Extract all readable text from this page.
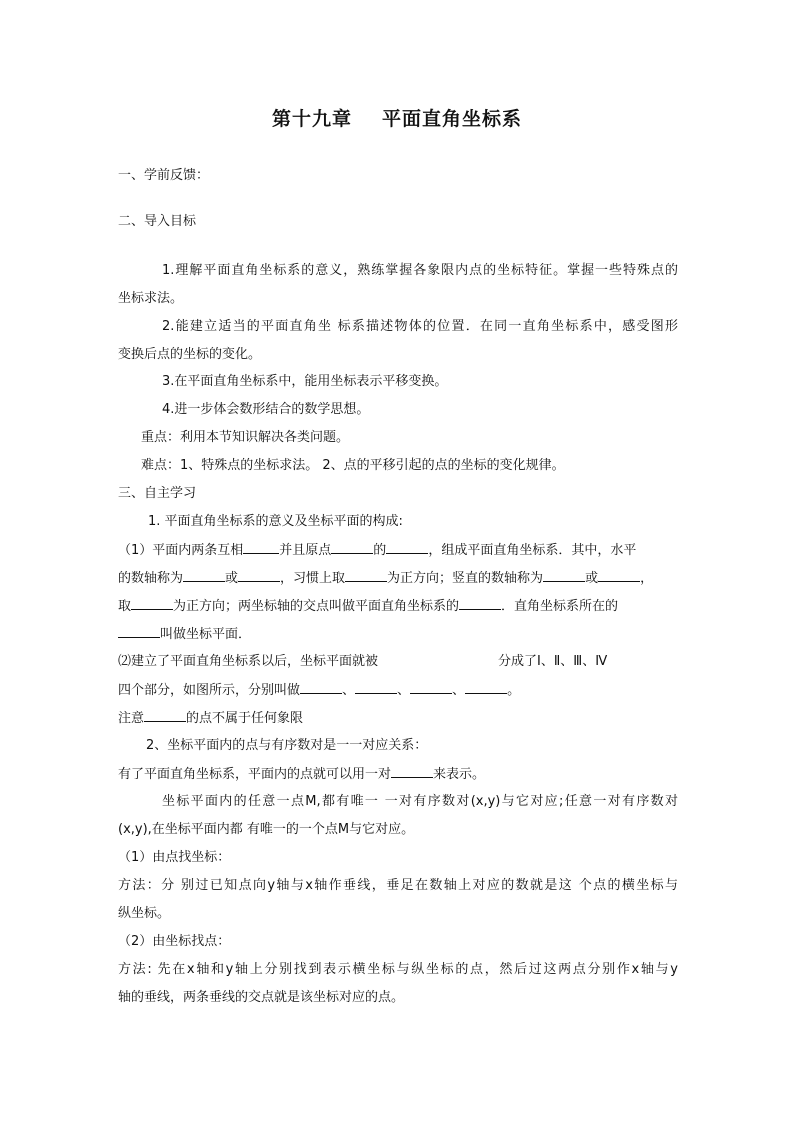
第十九章 平面直角坐标系
一、学前反馈：
二、导入目标
1.理解平面直角坐标系的意义，熟练掌握各象限内点的坐标特征。掌握一些特殊点的
坐标求法。
2.能建立适当的平面直角坐 标系描述物体的位置．在同一直角坐标系中，感受图形
变换后点的坐标的变化。
3.在平面直角坐标系中，能用坐标表示平移变换。
4.进一步体会数形结合的数学思想。
重点：利用本节知识解决各类问题。
难点：1、特殊点的坐标求法。 2、点的平移引起的点的坐标的变化规律。
三、自主学习
1. 平面直角坐标系的意义及坐标平面的构成:
（1）平面内两条互相	并且原点	的	，组成平面直角坐标系．其中，水平
的数轴称为	或	，习惯上取	为正方向；竖直的数轴称为	或	，
取	为正方向；两坐标轴的交点叫做平面直角坐标系的	．直角坐标系所在的
叫做坐标平面．
⑵建立了平面直角坐标系以后，坐标平面就被	分成了Ⅰ、Ⅱ、Ⅲ、Ⅳ
四个部分，如图所示，分别叫做	、	、	、	。
注意	的点不属于任何象限
2、坐标平面内的点与有序数对是一一对应关系：
有了平面直角坐标系，平面内的点就可以用一对	来表示。
坐标平面内的任意一点M,都有唯一 一对有序数对(x,y)与它对应;任意一对有序数对
(x,y),在坐标平面内都 有唯一的一个点M与它对应。
（1）由点找坐标：
方法：分 别过已知点向y轴与x轴作垂线，垂足在数轴上对应的数就是这 个点的横坐标与
纵坐标。
（2）由坐标找点：
方法: 先在x轴和y轴上分别找到表示横坐标与纵坐标的点，然后过这两点分别作x轴与y
轴的垂线，两条垂线的交点就是该坐标对应的点。
